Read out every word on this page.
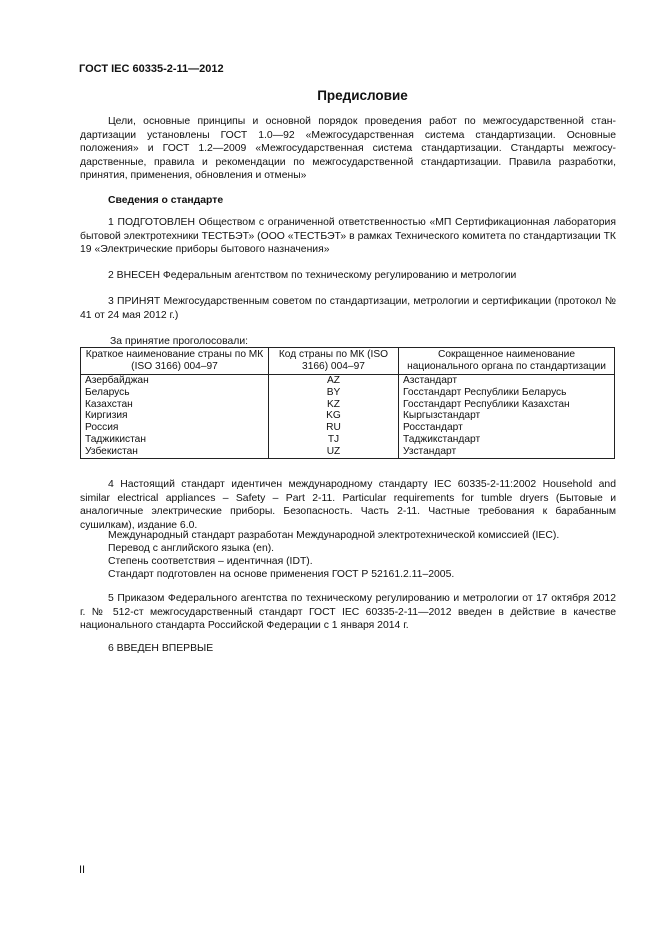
ГОСТ IEC 60335-2-11—2012
Предисловие

Цели, основные принципы и основной порядок проведения работ по межгосударственной стандартизации установлены ГОСТ 1.0—92 «Межгосударственная система стандартизации. Основные положения» и ГОСТ 1.2—2009 «Межгосударственная система стандартизации. Стандарты межгосударственные, правила и рекомендации по межгосударственной стандартизации. Правила разработки, принятия, применения, обновления и отмены»

Сведения о стандарте

1 ПОДГОТОВЛЕН Обществом с ограниченной ответственностью «МП Сертификационная лаборатория бытовой электротехники ТЕСТБЭТ» (ООО «ТЕСТБЭТ» в рамках Технического комитета по стандартизации ТК 19 «Электрические приборы бытового назначения»

2 ВНЕСЕН Федеральным агентством по техническому регулированию и метрологии

3 ПРИНЯТ Межгосударственным советом по стандартизации, метрологии и сертификации (протокол № 41 от 24 мая 2012 г.)

За принятие проголосовали:
Краткое наименование страны по МК (ISO 3166) 004–97	Код страны по МК (ISO 3166) 004–97	Сокращенное наименование национального органа по стандартизации
Азербайджан	AZ	Азстандарт
Беларусь	BY	Госстандарт Республики Беларусь
Казахстан	KZ	Госстандарт Республики Казахстан
Киргизия	KG	Кыргызстандарт
Россия	RU	Росстандарт
Таджикистан	TJ	Таджикстандарт
Узбекистан	UZ	Узстандарт

4 Настоящий стандарт идентичен международному стандарту IEC 60335-2-11:2002 Household and similar electrical appliances – Safety – Part 2-11. Particular requirements for tumble dryers (Бытовые и аналогичные электрические приборы. Безопасность. Часть 2-11. Частные требования к барабанным сушилкам), издание 6.0.

Международный стандарт разработан Международной электротехнической комиссией (IEC).

Перевод с английского языка (en).

Степень соответствия – идентичная (IDT).

Стандарт подготовлен на основе применения ГОСТ Р 52161.2.11–2005.

5 Приказом Федерального агентства по техническому регулированию и метрологии от 17 октября 2012 г. № 512-ст межгосударственный стандарт ГОСТ IEC 60335-2-11—2012 введен в действие в качестве национального стандарта Российской Федерации с 1 января 2014 г.

6 ВВЕДЕН ВПЕРВЫЕ

II
